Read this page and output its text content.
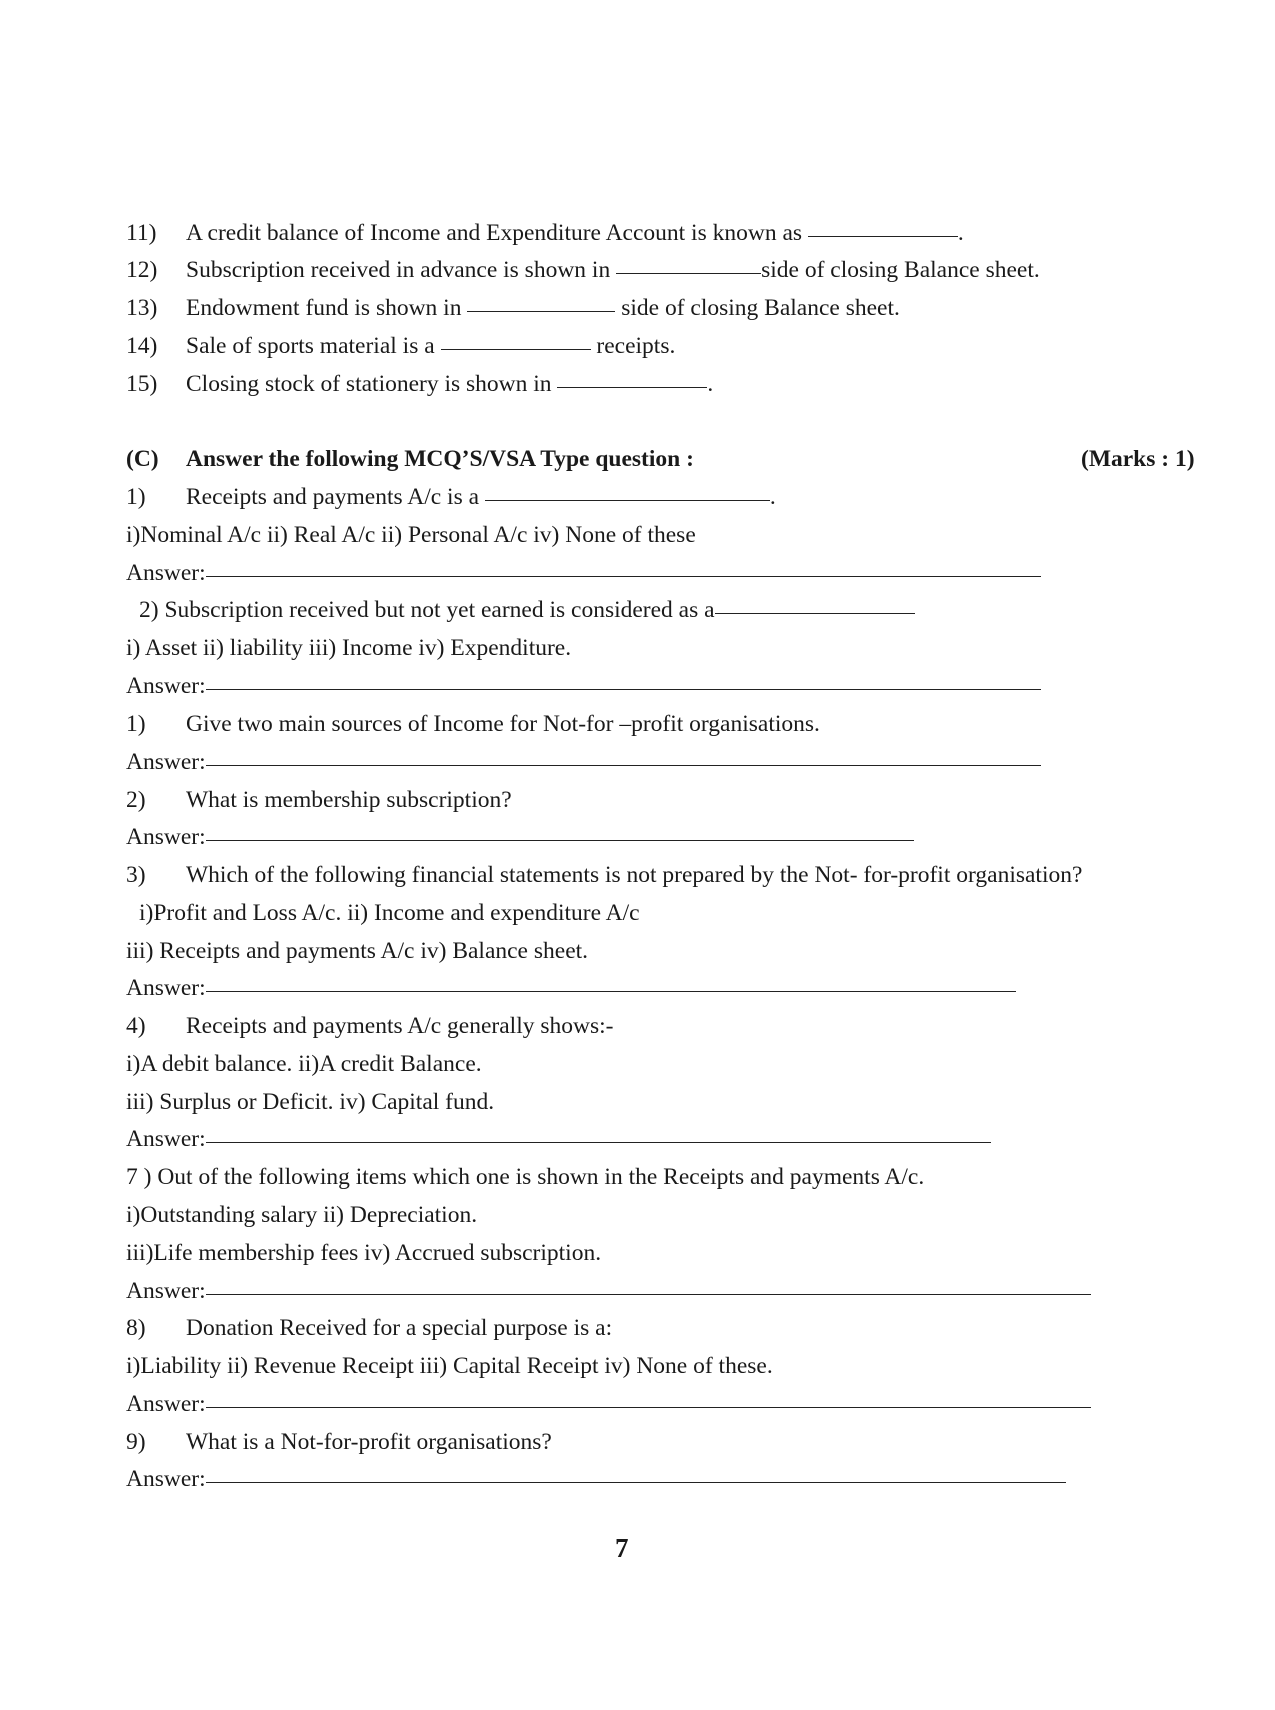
11) A credit balance of Income and Expenditure Account is known as	.
12) Subscription received in advance is shown in	side of closing Balance sheet.
13) Endowment fund is shown in	side of closing Balance sheet.
14) Sale of sports material is a	receipts.
15) Closing stock of stationery is shown in	.
(C) Answer the following MCQ’S/VSA Type question :	(Marks : 1)
1) Receipts and payments A/c is a	.
i)Nominal A/c ii) Real A/c ii) Personal A/c iv) None of these
Answer:
2) Subscription received but not yet earned is considered as a
i) Asset ii) liability iii) Income iv) Expenditure.
Answer:
1) Give two main sources of Income for Not-for –profit organisations.
Answer:
2) What is membership subscription?
Answer:
3) Which of the following financial statements is not prepared by the Not- for-profit organisation?
i)Profit and Loss A/c. ii) Income and expenditure A/c
iii) Receipts and payments A/c iv) Balance sheet.
Answer:
4) Receipts and payments A/c generally shows:-
i)A debit balance. ii)A credit Balance.
iii) Surplus or Deficit. iv) Capital fund.
Answer:
7 ) Out of the following items which one is shown in the Receipts and payments A/c.
i)Outstanding salary ii) Depreciation.
iii)Life membership fees iv) Accrued subscription.
Answer:
8) Donation Received for a special purpose is a:
i)Liability ii) Revenue Receipt iii) Capital Receipt iv) None of these.
Answer:
9) What is a Not-for-profit organisations?
Answer:
7
